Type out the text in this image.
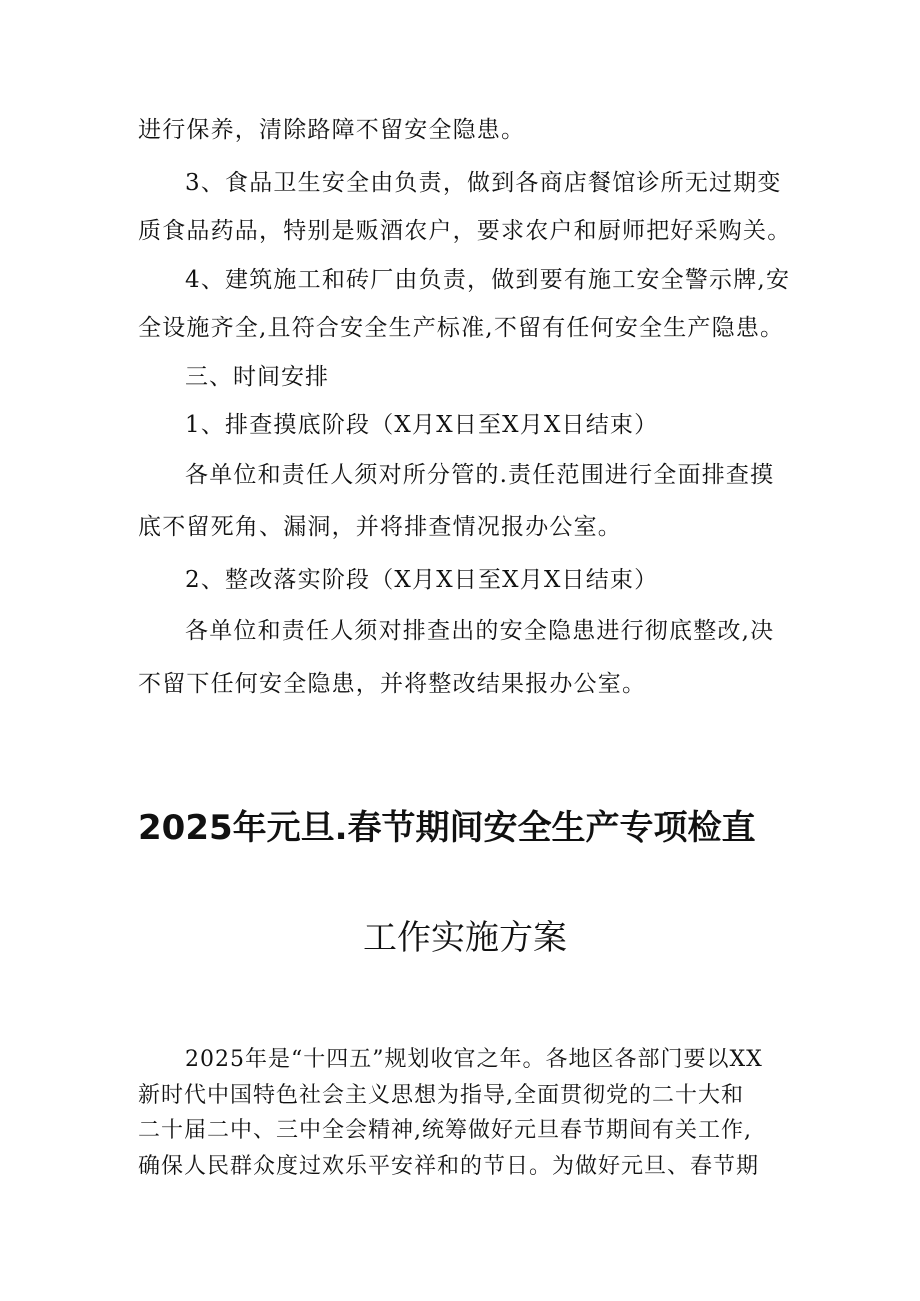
进行保养，清除路障不留安全隐患。
3、食品卫生安全由负责，做到各商店餐馆诊所无过期变
质食品药品，特别是贩酒农户，要求农户和厨师把好采购关。
4、建筑施工和砖厂由负责，做到要有施工安全警示牌,安
全设施齐全,且符合安全生产标准,不留有任何安全生产隐患。
三、时间安排
1、排查摸底阶段（X月X日至X月X日结束）
各单位和责任人须对所分管的.责任范围进行全面排查摸
底不留死角、漏洞，并将排查情况报办公室。
2、整改落实阶段（X月X日至X月X日结束）
各单位和责任人须对排查出的安全隐患进行彻底整改,决
不留下任何安全隐患，并将整改结果报办公室。
2025年元旦.春节期间安全生产专项检直
工作实施方案
2025年是“十四五”规划收官之年。各地区各部门要以XX
新时代中国特色社会主义思想为指导,全面贯彻党的二十大和
二十届二中、三中全会精神,统筹做好元旦春节期间有关工作,
确保人民群众度过欢乐平安祥和的节日。为做好元旦、春节期
